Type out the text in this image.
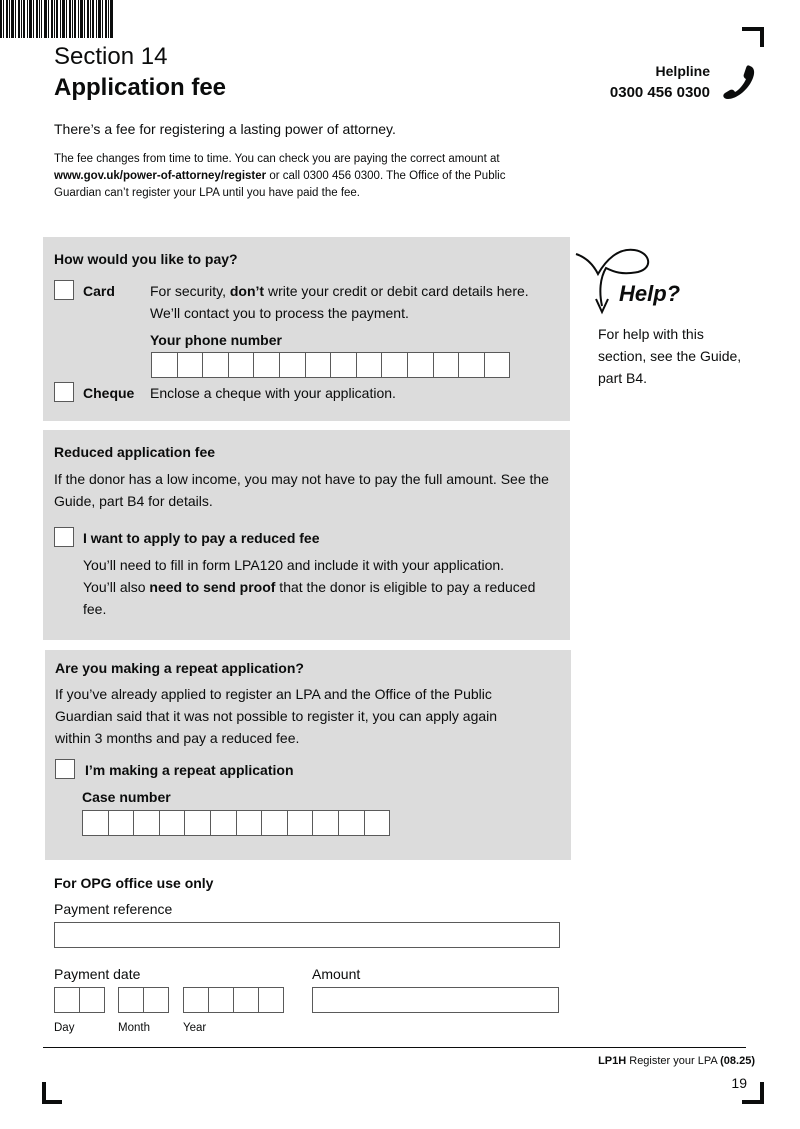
Section 14
Application fee
There’s a fee for registering a lasting power of attorney.
The fee changes from time to time. You can check you are paying the correct amount at www.gov.uk/power-of-attorney/register or call 0300 456 0300. The Office of the Public Guardian can’t register your LPA until you have paid the fee.
Helpline
0300 456 0300
How would you like to pay?
Card	For security, don’t write your credit or debit card details here.
We’ll contact you to process the payment.
Your phone number
Cheque Enclose a cheque with your application.
Reduced application fee
If the donor has a low income, you may not have to pay the full amount. See the Guide, part B4 for details.
I want to apply to pay a reduced fee
You’ll need to fill in form LPA120 and include it with your application.
You’ll also need to send proof that the donor is eligible to pay a reduced fee.
Are you making a repeat application?
If you’ve already applied to register an LPA and the Office of the Public Guardian said that it was not possible to register it, you can apply again within 3 months and pay a reduced fee.
I’m making a repeat application
Case number
For OPG office use only
Payment reference
Payment date	Amount
Day	Month	Year
Help?
For help with this section, see the Guide, part B4.
LP1H Register your LPA (08.25)
19
